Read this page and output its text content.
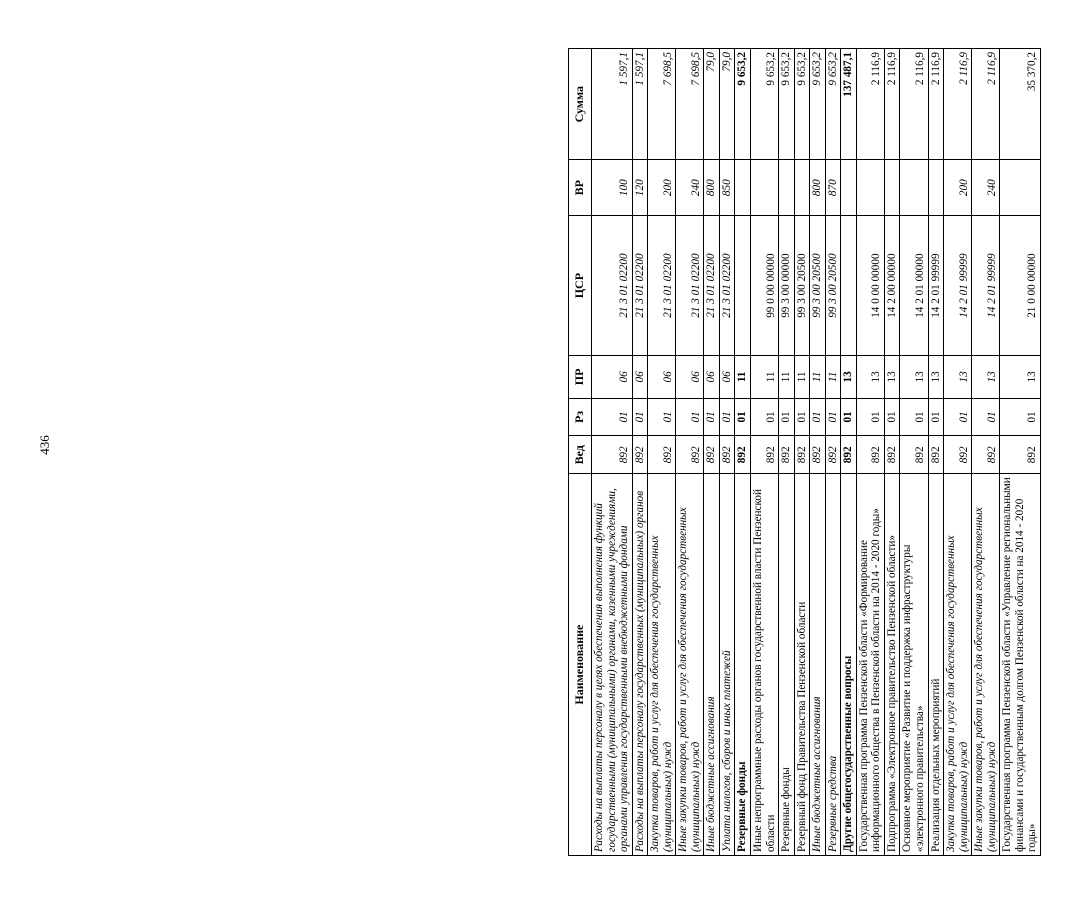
436
Наименование	Вед	Рз	ПР	ЦСР	ВР	Сумма
Расходы на выплаты персоналу в целях обеспечения выполнения функций государственными (муниципальными) органами, казенными учреждениями, органами управления государственными внебюджетными фондами	892	01	06	21 3 01 02200	100	1 597,1
Расходы на выплаты персоналу государственных (муниципальных) органов	892	01	06	21 3 01 02200	120	1 597,1
Закупка товаров, работ и услуг для обеспечения государственных (муниципальных) нужд	892	01	06	21 3 01 02200	200	7 698,5
Иные закупки товаров, работ и услуг для обеспечения государственных (муниципальных) нужд	892	01	06	21 3 01 02200	240	7 698,5
Иные бюджетные ассигнования	892	01	06	21 3 01 02200	800	79,0
Уплата налогов, сборов и иных платежей	892	01	06	21 3 01 02200	850	79,0
Резервные фонды	892	01	11			9 653,2
Иные непрограммные расходы органов государственной власти Пензенской области	892	01	11	99 0 00 00000		9 653,2
Резервные фонды	892	01	11	99 3 00 00000		9 653,2
Резервный фонд Правительства Пензенской области	892	01	11	99 3 00 20500		9 653,2
Иные бюджетные ассигнования	892	01	11	99 3 00 20500	800	9 653,2
Резервные средства	892	01	11	99 3 00 20500	870	9 653,2
Другие общегосударственные вопросы	892	01	13			137 487,1
Государственная программа Пензенской области «Формирование информационного общества в Пензенской области на 2014 - 2020 годы»	892	01	13	14 0 00 00000		2 116,9
Подпрограмма «Электронное правительство Пензенской области»	892	01	13	14 2 00 00000		2 116,9
Основное мероприятие «Развитие и поддержка инфраструктуры «электронного правительства»	892	01	13	14 2 01 00000		2 116,9
Реализация отдельных мероприятий	892	01	13	14 2 01 99999		2 116,9
Закупка товаров, работ и услуг для обеспечения государственных (муниципальных) нужд	892	01	13	14 2 01 99999	200	2 116,9
Иные закупки товаров, работ и услуг для обеспечения государственных (муниципальных) нужд	892	01	13	14 2 01 99999	240	2 116,9
Государственная программа Пензенской области «Управление региональными финансами и государственным долгом Пензенской области на 2014 - 2020 годы»	892	01	13	21 0 00 00000		35 370,2
